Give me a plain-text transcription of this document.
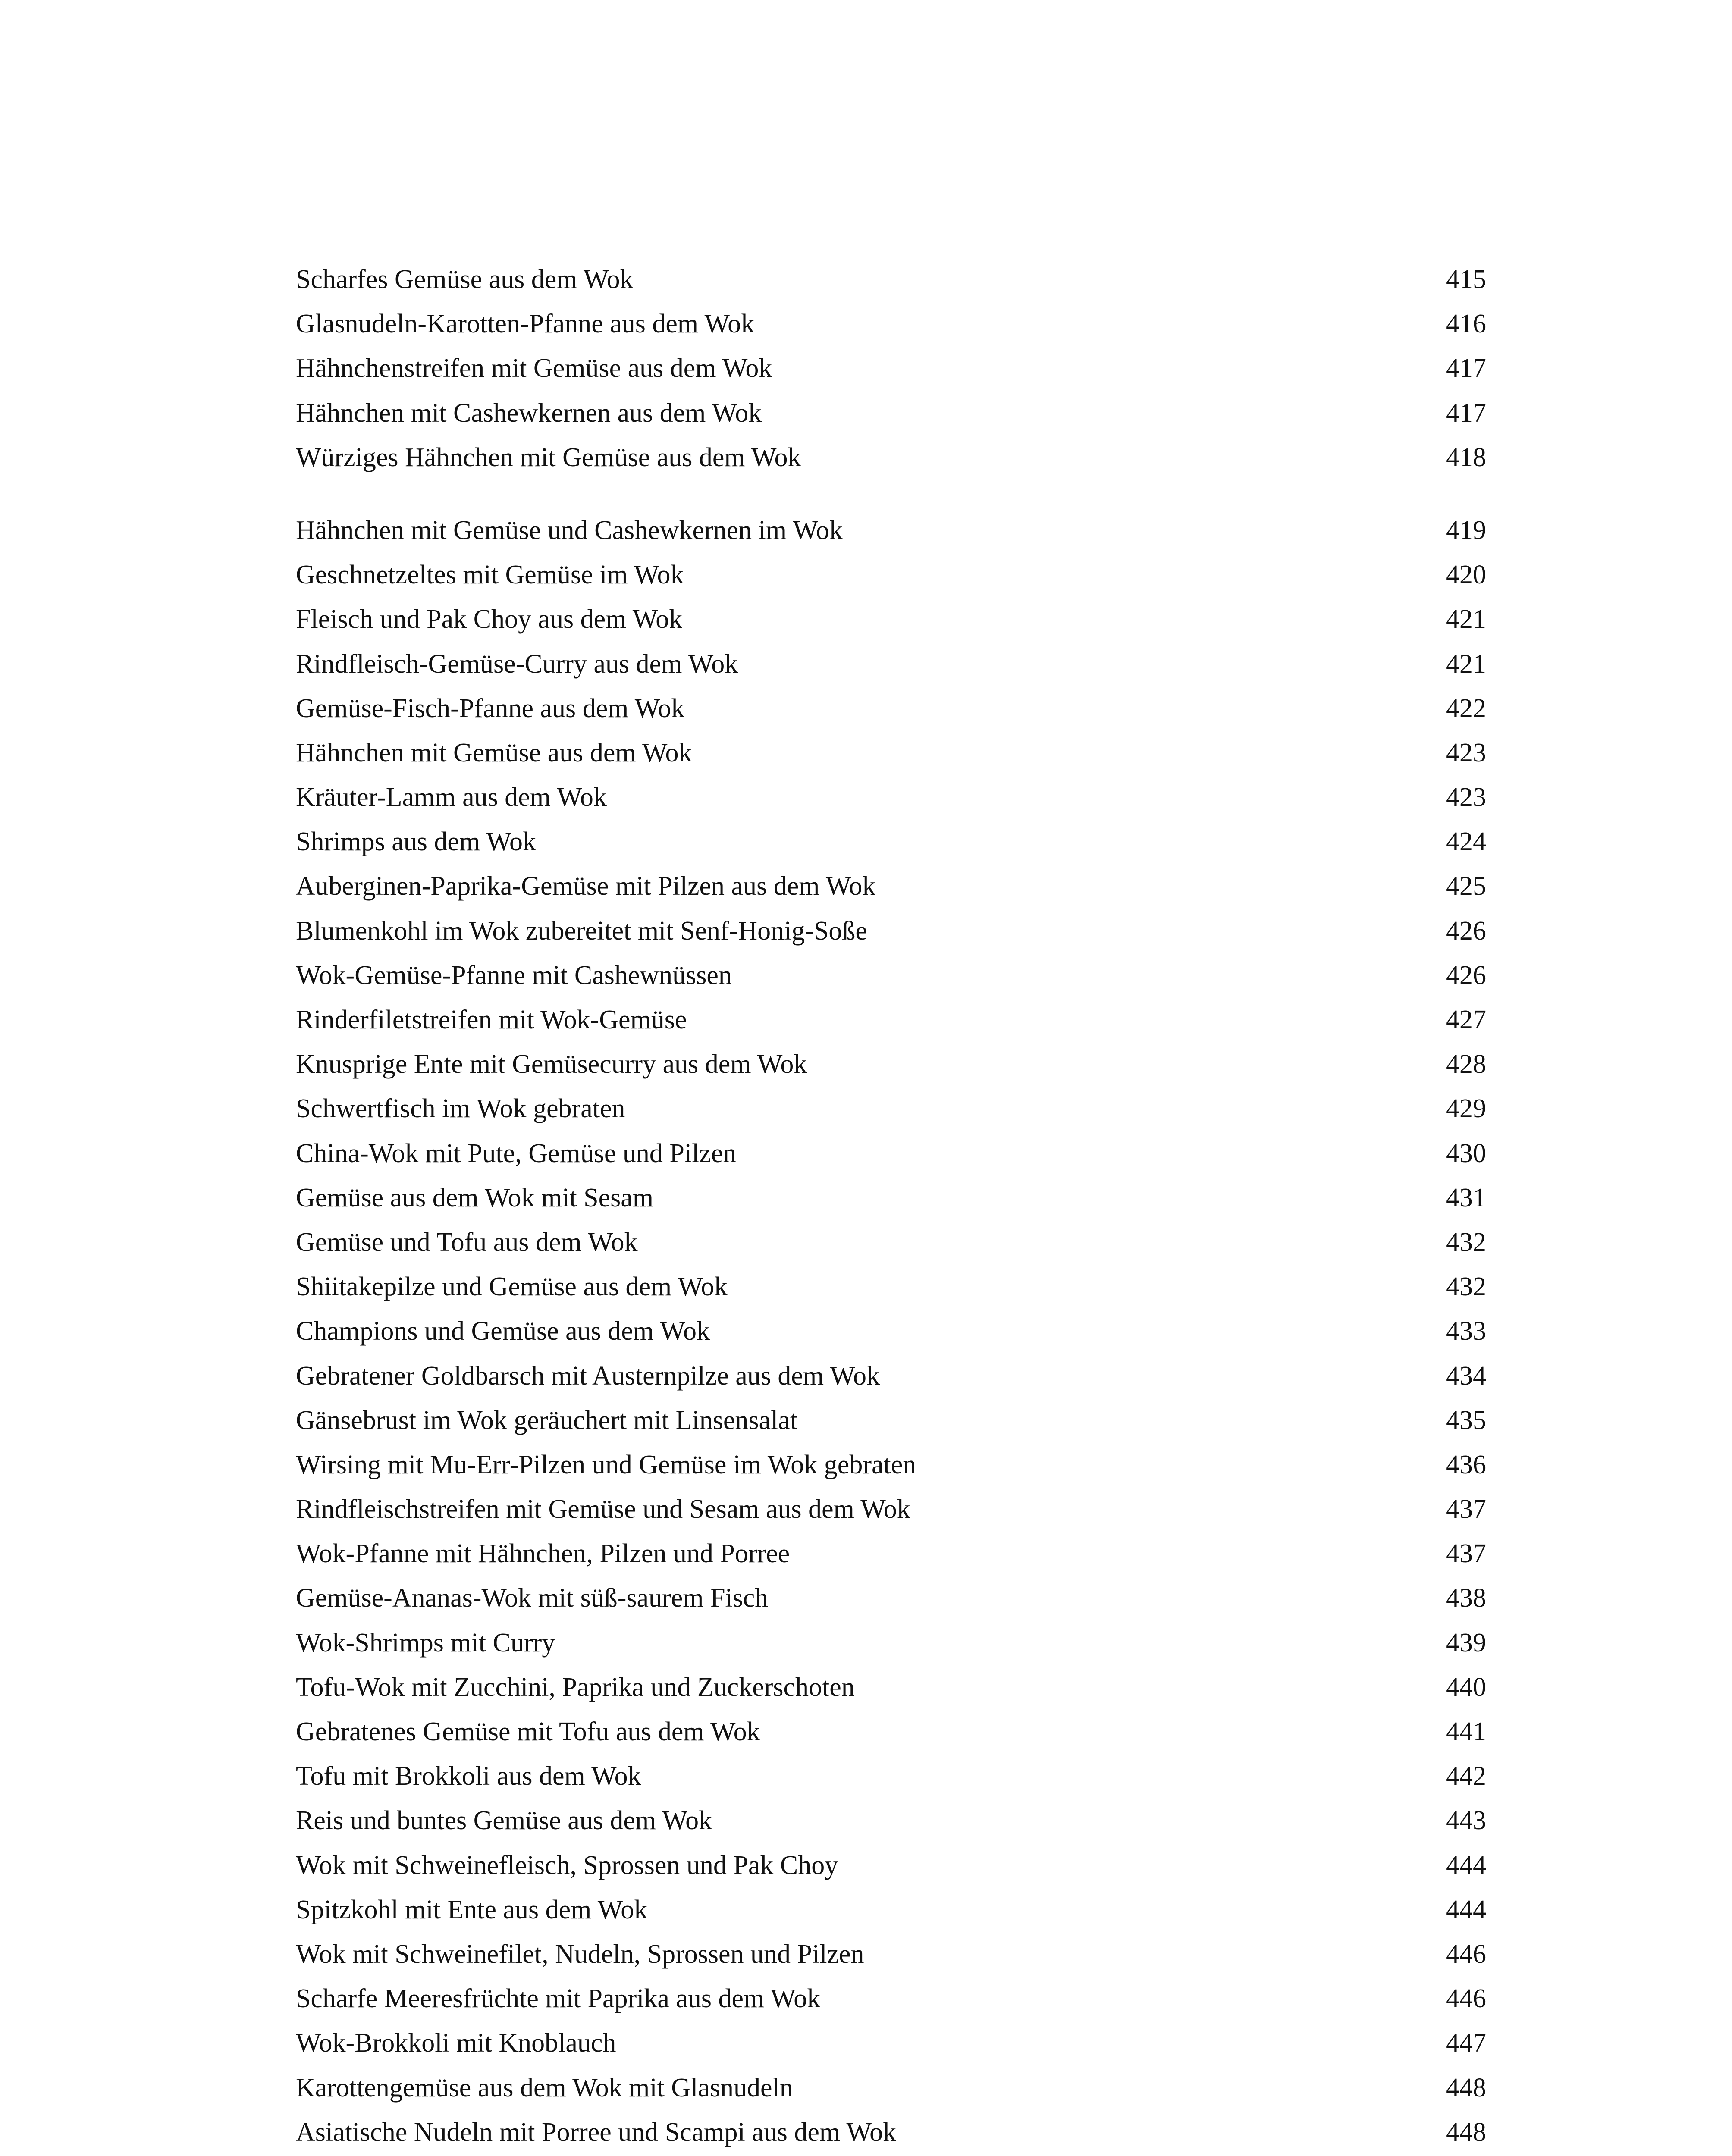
Scharfes Gemüse aus dem Wok	415
Glasnudeln-Karotten-Pfanne aus dem Wok	416
Hähnchenstreifen mit Gemüse aus dem Wok	417
Hähnchen mit Cashewkernen aus dem Wok	417
Würziges Hähnchen mit Gemüse aus dem Wok	418
Hähnchen mit Gemüse und Cashewkernen im Wok	419
Geschnetzeltes mit Gemüse im Wok	420
Fleisch und Pak Choy aus dem Wok	421
Rindfleisch-Gemüse-Curry aus dem Wok	421
Gemüse-Fisch-Pfanne aus dem Wok	422
Hähnchen mit Gemüse aus dem Wok	423
Kräuter-Lamm aus dem Wok	423
Shrimps aus dem Wok	424
Auberginen-Paprika-Gemüse mit Pilzen aus dem Wok	425
Blumenkohl im Wok zubereitet mit Senf-Honig-Soße	426
Wok-Gemüse-Pfanne mit Cashewnüssen	426
Rinderfiletstreifen mit Wok-Gemüse	427
Knusprige Ente mit Gemüsecurry aus dem Wok	428
Schwertfisch im Wok gebraten	429
China-Wok mit Pute, Gemüse und Pilzen	430
Gemüse aus dem Wok mit Sesam	431
Gemüse und Tofu aus dem Wok	432
Shiitakepilze und Gemüse aus dem Wok	432
Champions und Gemüse aus dem Wok	433
Gebratener Goldbarsch mit Austernpilze aus dem Wok	434
Gänsebrust im Wok geräuchert mit Linsensalat	435
Wirsing mit Mu-Err-Pilzen und Gemüse im Wok gebraten	436
Rindfleischstreifen mit Gemüse und Sesam aus dem Wok	437
Wok-Pfanne mit Hähnchen, Pilzen und Porree	437
Gemüse-Ananas-Wok mit süß-saurem Fisch	438
Wok-Shrimps mit Curry	439
Tofu-Wok mit Zucchini, Paprika und Zuckerschoten	440
Gebratenes Gemüse mit Tofu aus dem Wok	441
Tofu mit Brokkoli aus dem Wok	442
Reis und buntes Gemüse aus dem Wok	443
Wok mit Schweinefleisch, Sprossen und Pak Choy	444
Spitzkohl mit Ente aus dem Wok	444
Wok mit Schweinefilet, Nudeln, Sprossen und Pilzen	446
Scharfe Meeresfrüchte mit Paprika aus dem Wok	446
Wok-Brokkoli mit Knoblauch	447
Karottengemüse aus dem Wok mit Glasnudeln	448
Asiatische Nudeln mit Porree und Scampi aus dem Wok	448
